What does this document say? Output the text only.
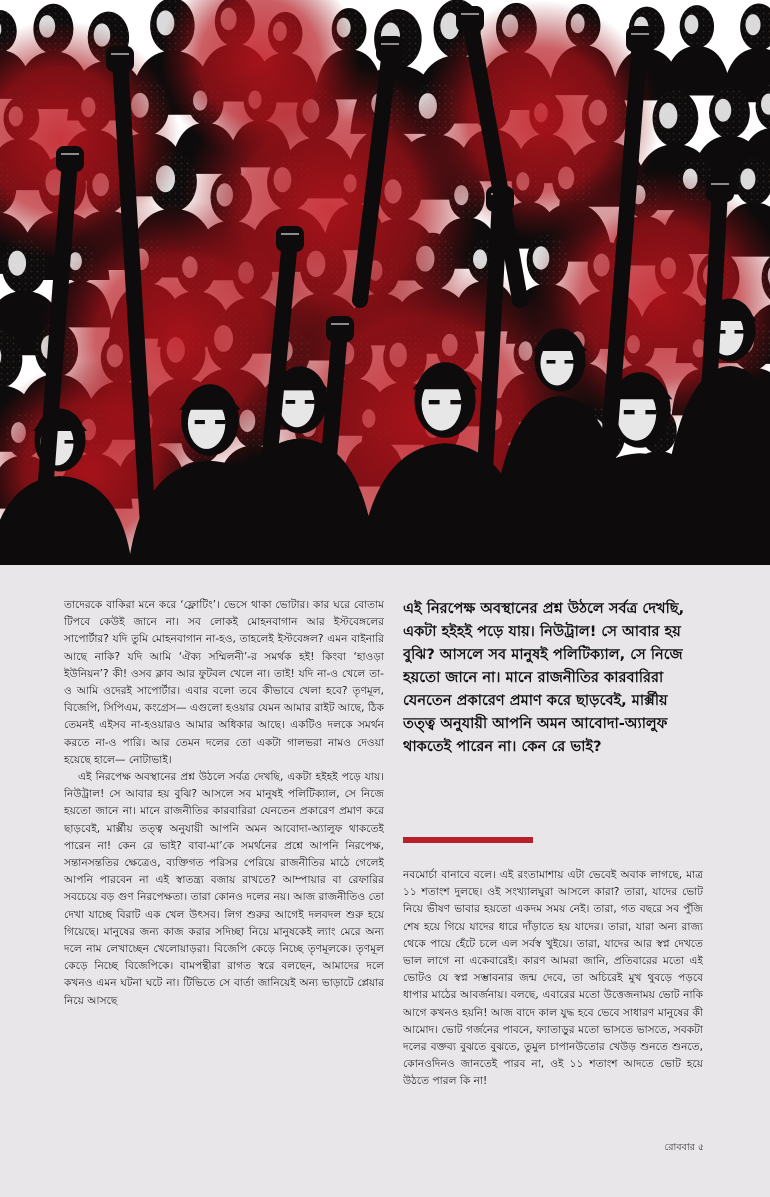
তাদেরকে বাকিরা মনে করে ‘ফ্লোটিং’। ভেসে থাকা ভোটার। কার ঘরে বোতাম টিপবে কেউই জানে না। সব লোকই মোহনবাগান আর ইস্টবেঙ্গলের সাপোর্টার? যদি তুমি মোহনবাগান না-হও, তাহলেই ইস্টবেঙ্গল? এমন বাইনারি আছে নাকি? যদি আমি ‘ঐক্য সম্মিলনী’-র সমর্থক হই! কিংবা ‘হাওড়া ইউনিয়ন’? কী! ওসব ক্লাব আর ফুটবল খেলে না। তাই! যদি না-ও খেলে তা-ও আমি ওদেরই সাপোর্টার। এবার বলো তবে কীভাবে খেলা হবে? তৃণমূল, বিজেপি, সিপিএম, কংগ্রেস— এগুলো হওয়ার যেমন আমার রাইট আছে, ঠিক তেমনই এইসব না-হওয়ারও আমার অধিকার আছে। একটিও দলকে সমর্থন করতে না-ও পারি। আর তেমন দলের তো একটা গালভরা নামও দেওয়া হয়েছে হালে— নোটাভাই।

এই নিরপেক্ষ অবস্থানের প্রশ্ন উঠলে সর্বত্র দেখছি, একটা হইহই পড়ে যায়। নিউট্রাল! সে আবার হয় বুঝি? আসলে সব মানুষই পলিটিক্যাল, সে নিজে হয়তো জানে না। মানে রাজনীতির কারবারিরা যেনতেন প্রকারেণ প্রমাণ করে ছাড়বেই, মার্ক্সীয় তত্ত্ব অনুযায়ী আপনি অমন আবোদা-অ্যালুফ থাকতেই পারেন না! কেন রে ভাই? বাবা-মা’কে সমর্থনের প্রশ্নে আপনি নিরপেক্ষ, সন্তানসন্ততির ক্ষেত্রেও, ব্যক্তিগত পরিসর পেরিয়ে রাজনীতির মাঠে গেলেই আপনি পারবেন না এই স্বাতন্ত্র্য বজায় রাখতে? আম্পায়ার বা রেফারির সবচেয়ে বড় গুণ নিরপেক্ষতা। তারা কোনও দলের নয়। আজ রাজনীতিও তো দেখা যাচ্ছে বিরাট এক খেল উৎসব। লিগ শুরুর আগেই দলবদল শুরু হয়ে গিয়েছে। মানুষের জন্য কাজ করার সদিচ্ছা নিয়ে মানুষকেই ল্যাং মেরে অন্য দলে নাম লেখাচ্ছেন খেলোয়াড়রা। বিজেপি কেড়ে নিচ্ছে তৃণমূলকে। তৃণমূল কেড়ে নিচ্ছে বিজেপিকে। বামপন্থীরা রাগত স্বরে বলছেন, আমাদের দলে কখনও এমন ঘটনা ঘটে না। টিভিতে সে বার্তা জানিয়েই অন্য ভাড়াটে প্লেয়ার নিয়ে আসছে

এই নিরপেক্ষ অবস্থানের প্রশ্ন উঠলে সর্বত্র দেখছি, একটা হইহই পড়ে যায়। নিউট্রাল! সে আবার হয় বুঝি? আসলে সব মানুষই পলিটিক্যাল, সে নিজে হয়তো জানে না। মানে রাজনীতির কারবারিরা যেনতেন প্রকারেণ প্রমাণ করে ছাড়বেই, মার্ক্সীয় তত্ত্ব অনুযায়ী আপনি অমন আবোদা-অ্যালুফ থাকতেই পারেন না। কেন রে ভাই?

নবমোর্চা বানাবে বলে। এই রংতামাশায় এটা ভেবেই অবাক লাগছে, মাত্র ১১ শতাংশ দুলছে। ওই সংখ্যালঘুরা আসলে কারা? তারা, যাদের ভোট নিয়ে ভীষণ ভাবার হয়তো একদম সময় নেই। তারা, গত বছরে সব পুঁজি শেষ হয়ে গিয়ে যাদের ধারে দাঁড়াতে হয় যাদের। তারা, যারা অন্য রাজ্য থেকে পায়ে হেঁটে চলে এল সর্বস্ব খুইয়ে। তারা, যাদের আর স্বপ্ন দেখতে ভাল লাগে না একেবারেই। কারণ আমরা জানি, প্রতিবারের মতো এই ভোটও যে স্বপ্ন সম্ভাবনার জন্ম দেবে, তা অচিরেই মুখ থুবড়ে পড়বে ধাপার মাঠের আবর্জনায়। বলছে, এবারের মতো উত্তেজনাময় ভোট নাকি আগে কখনও হয়নি! আজ বাদে কাল যুদ্ধ হবে ভেবে সাধারণ মানুষের কী আমোদ। ভোট গর্জনের পাবনে, ফ্যাতাড়ুর মতো ভাসতে ভাসতে, সবকটা দলের বক্তব্য বুঝতে বুঝতে, তুমুল চাপানউতোর খেউড় শুনতে শুনতে, কোনওদিনও জানতেই পারব না, ওই ১১ শতাংশ আদতে ভোট হয়ে উঠতে পারল কি না!

রোববার ৫
